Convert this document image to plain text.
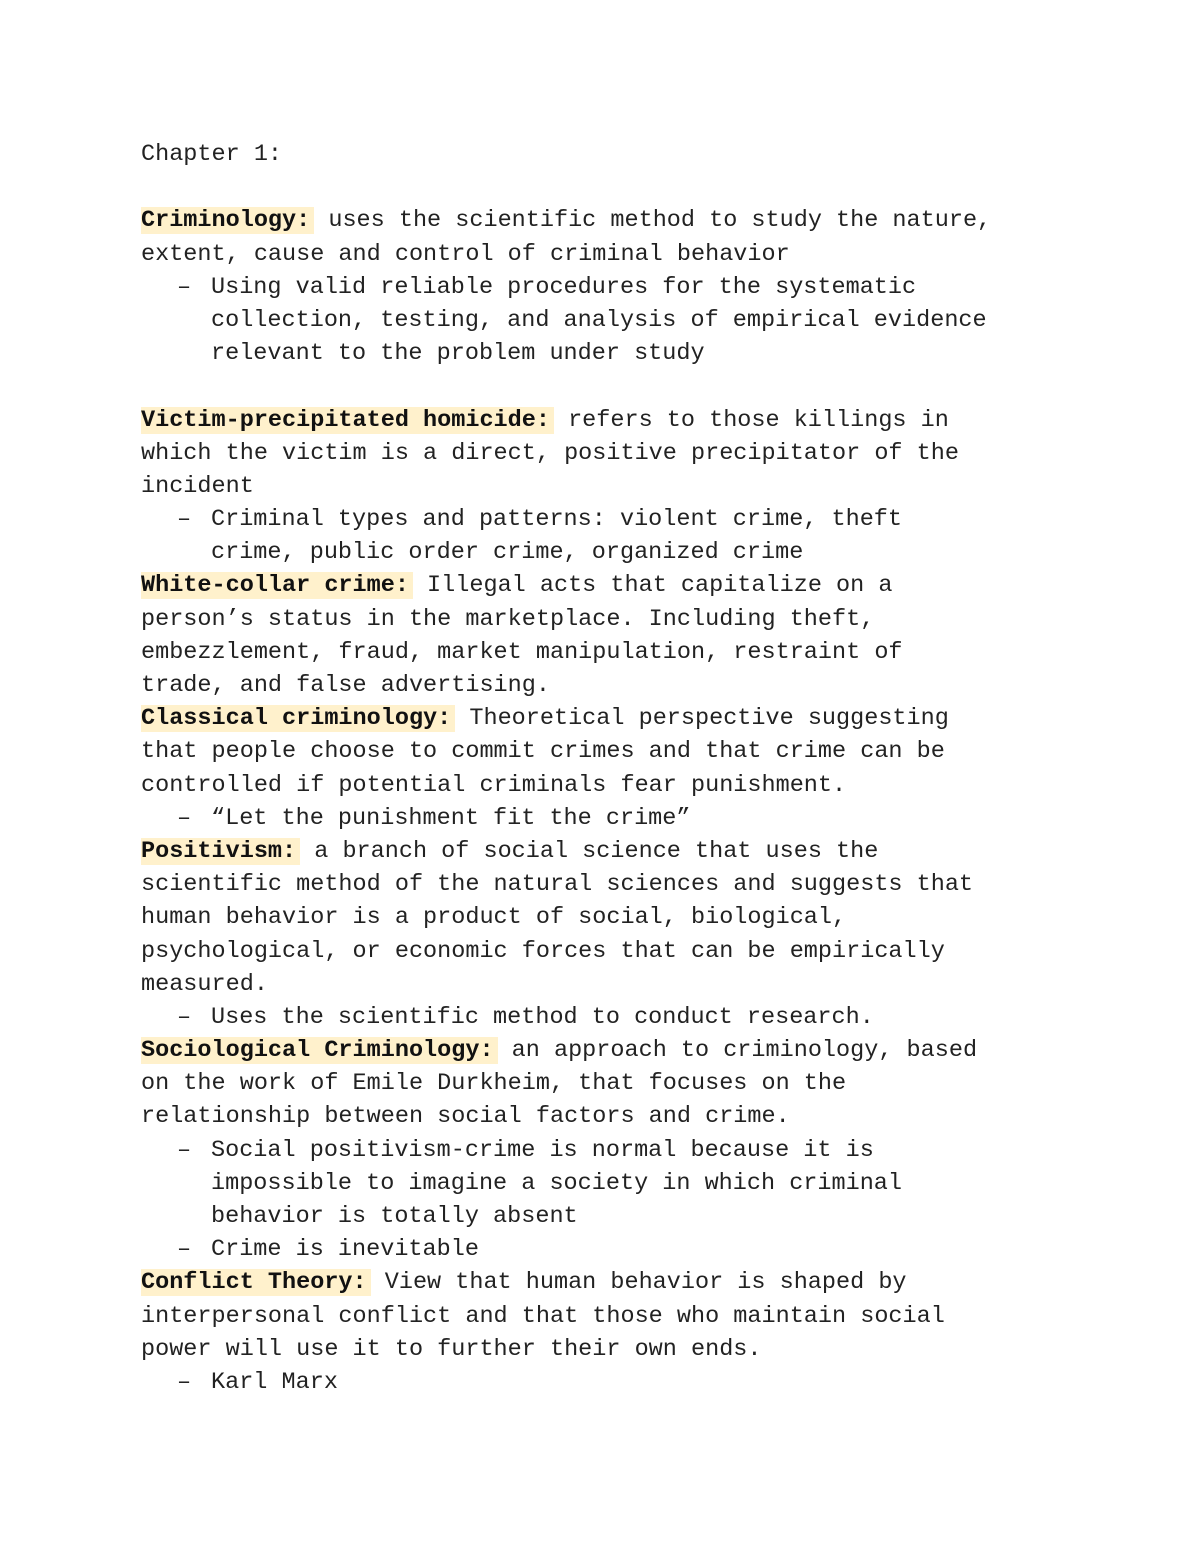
Chapter 1:
Criminology: uses the scientific method to study the nature,
extent, cause and control of criminal behavior
– Using valid reliable procedures for the systematic
collection, testing, and analysis of empirical evidence
relevant to the problem under study
Victim-precipitated homicide: refers to those killings in
which the victim is a direct, positive precipitator of the
incident
– Criminal types and patterns: violent crime, theft
crime, public order crime, organized crime
White-collar crime: Illegal acts that capitalize on a
person’s status in the marketplace. Including theft,
embezzlement, fraud, market manipulation, restraint of
trade, and false advertising.
Classical criminology: Theoretical perspective suggesting
that people choose to commit crimes and that crime can be
controlled if potential criminals fear punishment.
– “Let the punishment fit the crime”
Positivism: a branch of social science that uses the
scientific method of the natural sciences and suggests that
human behavior is a product of social, biological,
psychological, or economic forces that can be empirically
measured.
– Uses the scientific method to conduct research.
Sociological Criminology: an approach to criminology, based
on the work of Emile Durkheim, that focuses on the
relationship between social factors and crime.
– Social positivism-crime is normal because it is
impossible to imagine a society in which criminal
behavior is totally absent
– Crime is inevitable
Conflict Theory: View that human behavior is shaped by
interpersonal conflict and that those who maintain social
power will use it to further their own ends.
– Karl Marx
